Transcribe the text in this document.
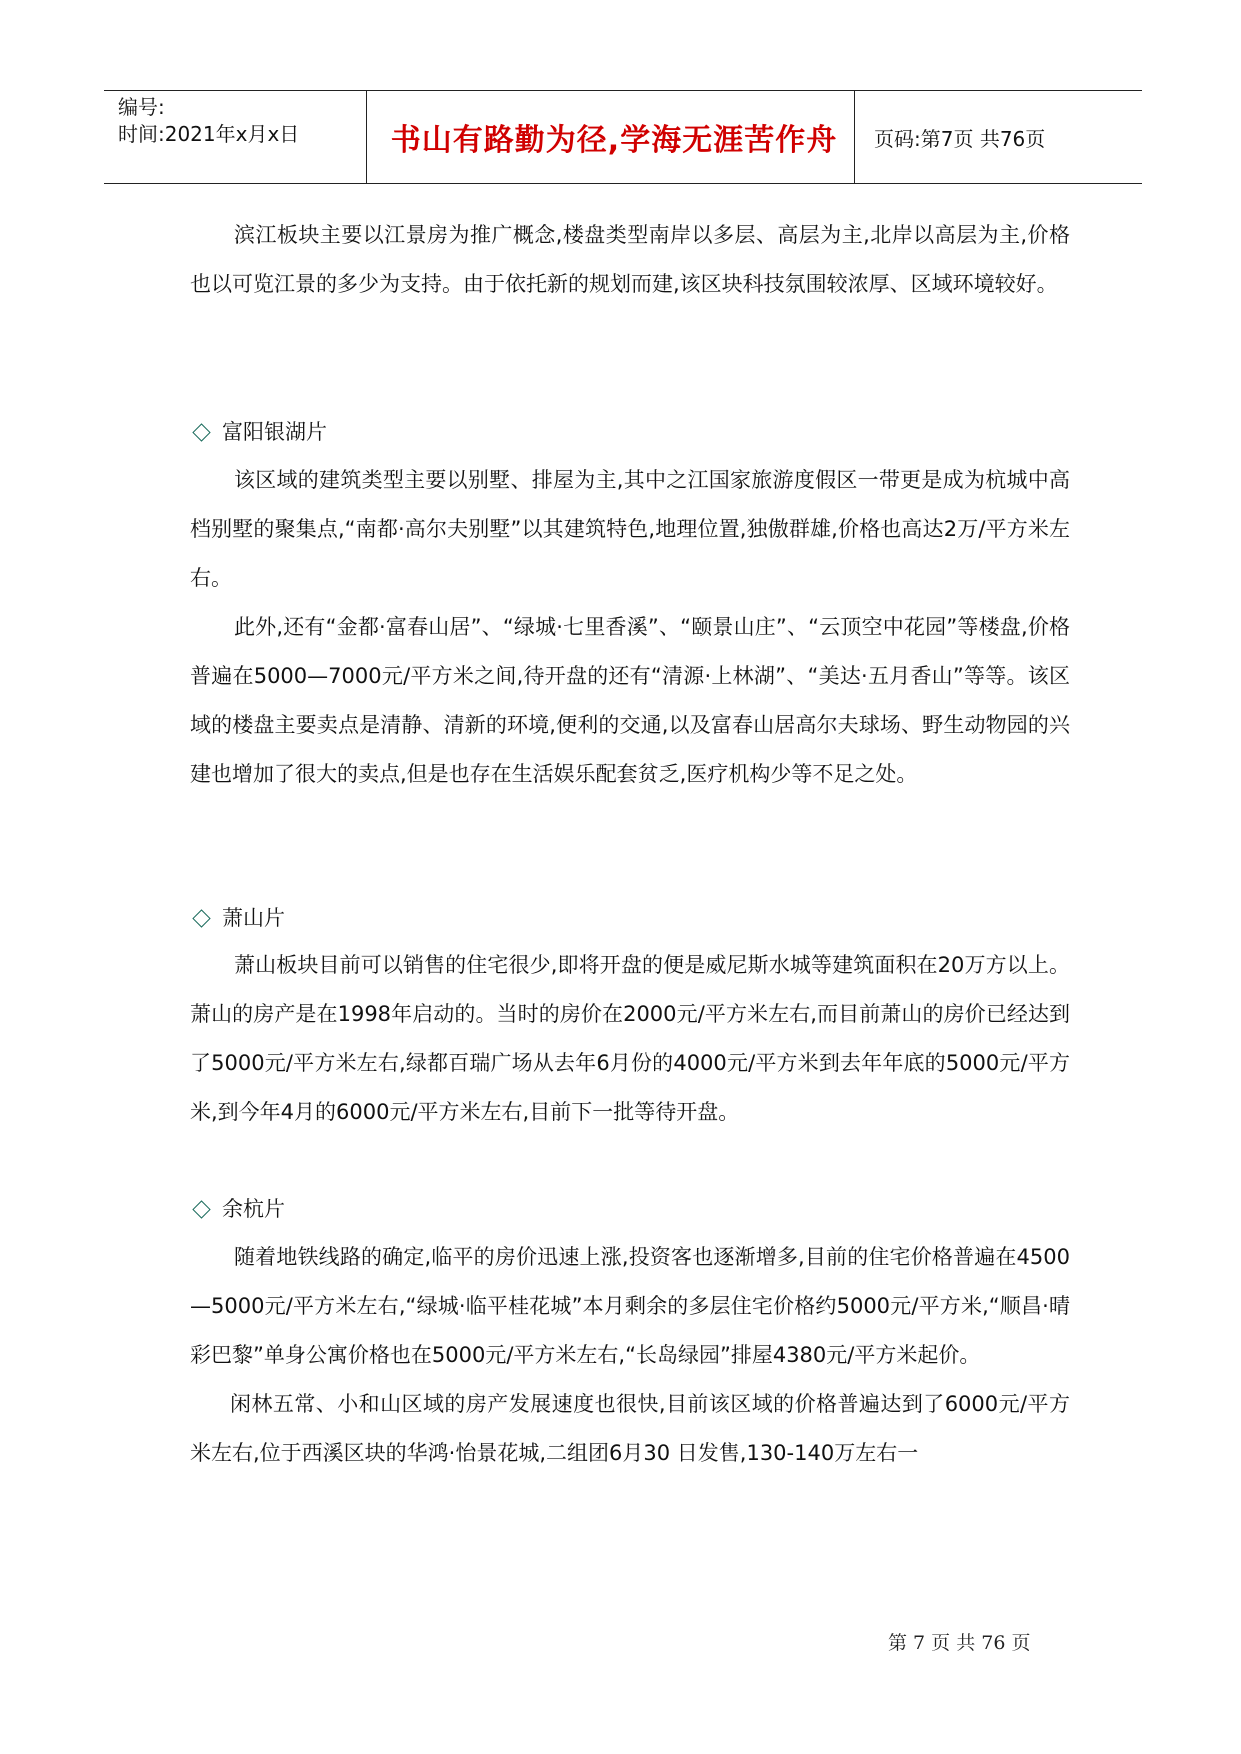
编号:
时间:2021年x月x日	书山有路勤为径,学海无涯苦作舟	页码:第7页 共76页

滨江板块主要以江景房为推广概念,楼盘类型南岸以多层、高层为主,北岸以高层为主,价格也以可览江景的多少为支持。由于依托新的规划而建,该区块科技氛围较浓厚、区域环境较好。

富阳银湖片

该区域的建筑类型主要以别墅、排屋为主,其中之江国家旅游度假区一带更是成为杭城中高档别墅的聚集点,“南都·高尔夫别墅”以其建筑特色,地理位置,独傲群雄,价格也高达2万/平方米左右。

此外,还有“金都·富春山居”、“绿城·七里香溪”、“颐景山庄”、“云顶空中花园”等楼盘,价格普遍在5000—7000元/平方米之间,待开盘的还有“清源·上林湖”、“美达·五月香山”等等。该区域的楼盘主要卖点是清静、清新的环境,便利的交通,以及富春山居高尔夫球场、野生动物园的兴建也增加了很大的卖点,但是也存在生活娱乐配套贫乏,医疗机构少等不足之处。

萧山片

萧山板块目前可以销售的住宅很少,即将开盘的便是威尼斯水城等建筑面积在20万方以上。萧山的房产是在1998年启动的。当时的房价在2000元/平方米左右,而目前萧山的房价已经达到了5000元/平方米左右,绿都百瑞广场从去年6月份的4000元/平方米到去年年底的5000元/平方米,到今年4月的6000元/平方米左右,目前下一批等待开盘。

余杭片

随着地铁线路的确定,临平的房价迅速上涨,投资客也逐渐增多,目前的住宅价格普遍在4500—5000元/平方米左右,“绿城·临平桂花城”本月剩余的多层住宅价格约5000元/平方米,“顺昌·晴彩巴黎”单身公寓价格也在5000元/平方米左右,“长岛绿园”排屋4380元/平方米起价。

闲林五常、小和山区域的房产发展速度也很快,目前该区域的价格普遍达到了6000元/平方米左右,位于西溪区块的华鸿·怡景花城,二组团6月30 日发售,130-140万左右一

第 7 页 共 76 页
